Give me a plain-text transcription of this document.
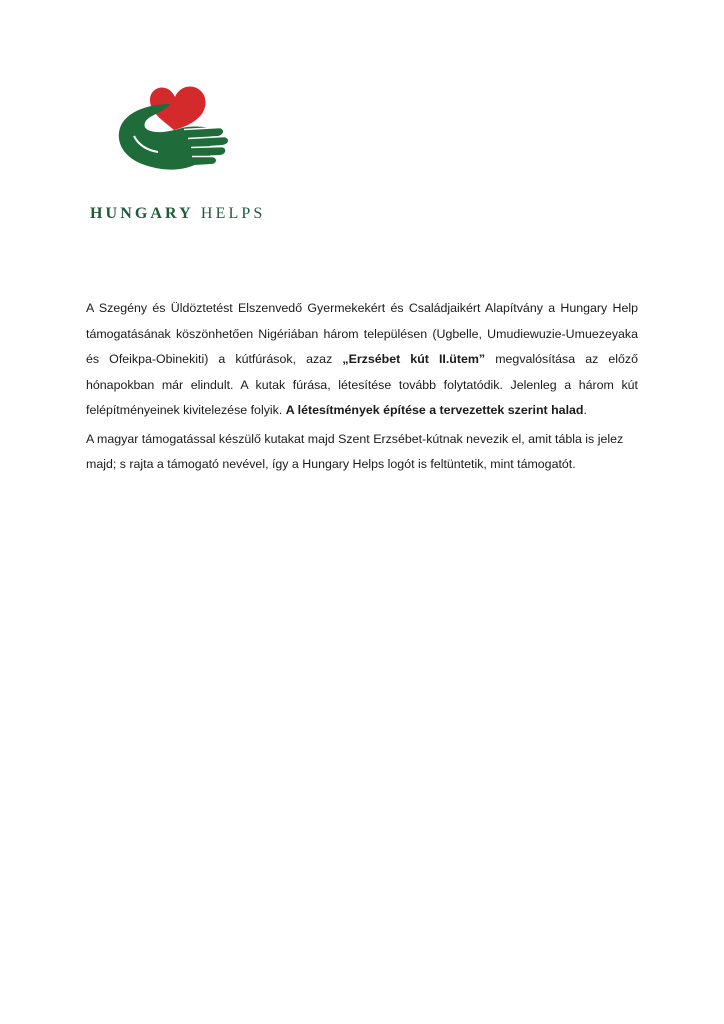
HUNGARY HELPS

A Szegény és Üldöztetést Elszenvedő Gyermekekért és Családjaikért Alapítvány a Hungary Help támogatásának köszönhetően Nigériában három településen (Ugbelle, Umudiewuzie-Umuezeyaka és Ofeikpa-Obinekiti) a kútfúrások, azaz „Erzsébet kút II.ütem” megvalósítása az előző hónapokban már elindult. A kutak fúrása, létesítése tovább folytatódik. Jelenleg a három kút felépítményeinek kivitelezése folyik. A létesítmények építése a tervezettek szerint halad.

A magyar támogatással készülő kutakat majd Szent Erzsébet-kútnak nevezik el, amit tábla is jelez majd; s rajta a támogató nevével, így a Hungary Helps logót is feltüntetik, mint támogatót.
